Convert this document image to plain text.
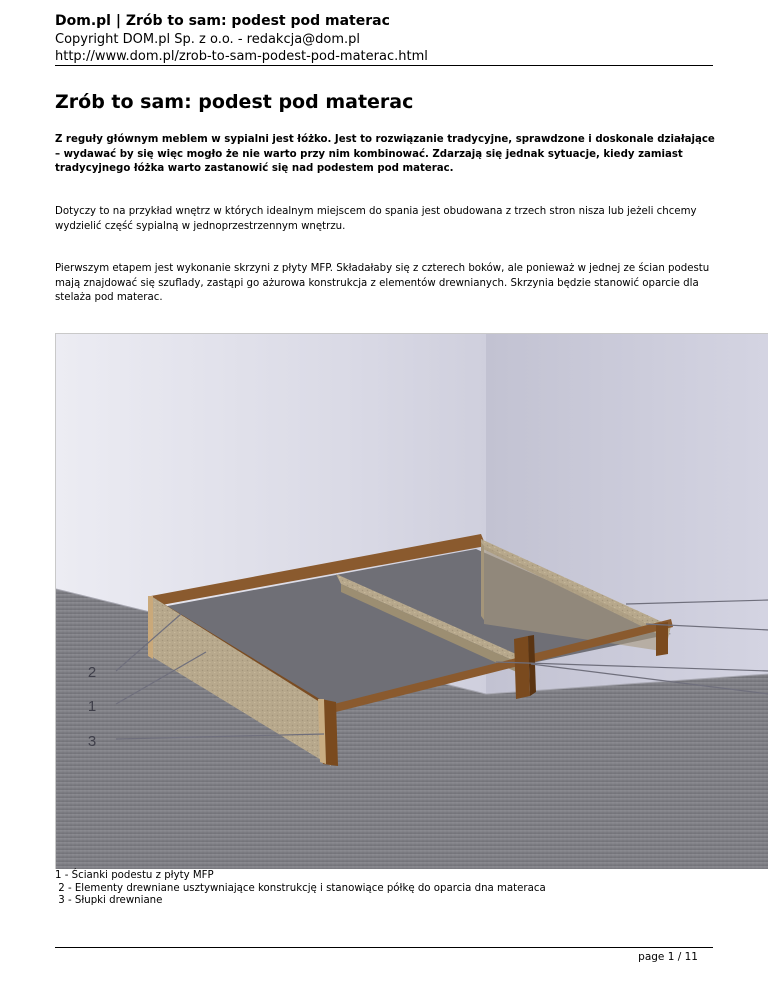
Dom.pl | Zrób to sam: podest pod materac
Copyright DOM.pl Sp. z o.o. - redakcja@dom.pl
http://www.dom.pl/zrob-to-sam-podest-pod-materac.html
Zrób to sam: podest pod materac

Z reguły głównym meblem w sypialni jest łóżko. Jest to rozwiązanie tradycyjne, sprawdzone i doskonale działające – wydawać by się więc mogło że nie warto przy nim kombinować. Zdarzają się jednak sytuacje, kiedy zamiast tradycyjnego łóżka warto zastanowić się nad podestem pod materac.

Dotyczy to na przykład wnętrz w których idealnym miejscem do spania jest obudowana z trzech stron nisza lub jeżeli chcemy wydzielić część sypialną w jednoprzestrzennym wnętrzu.

Pierwszym etapem jest wykonanie skrzyni z płyty MFP. Składałaby się z czterech boków, ale ponieważ w jednej ze ścian podestu mają znajdować się szuflady, zastąpi go ażurowa konstrukcja z elementów drewnianych. Skrzynia będzie stanowić oparcie dla stelaża pod materac.

2
1
3
1 - Ścianki podestu z płyty MFP
2 - Elementy drewniane usztywniające konstrukcję i stanowiące półkę do oparcia dna materaca
3 - Słupki drewniane
page 1 / 11
